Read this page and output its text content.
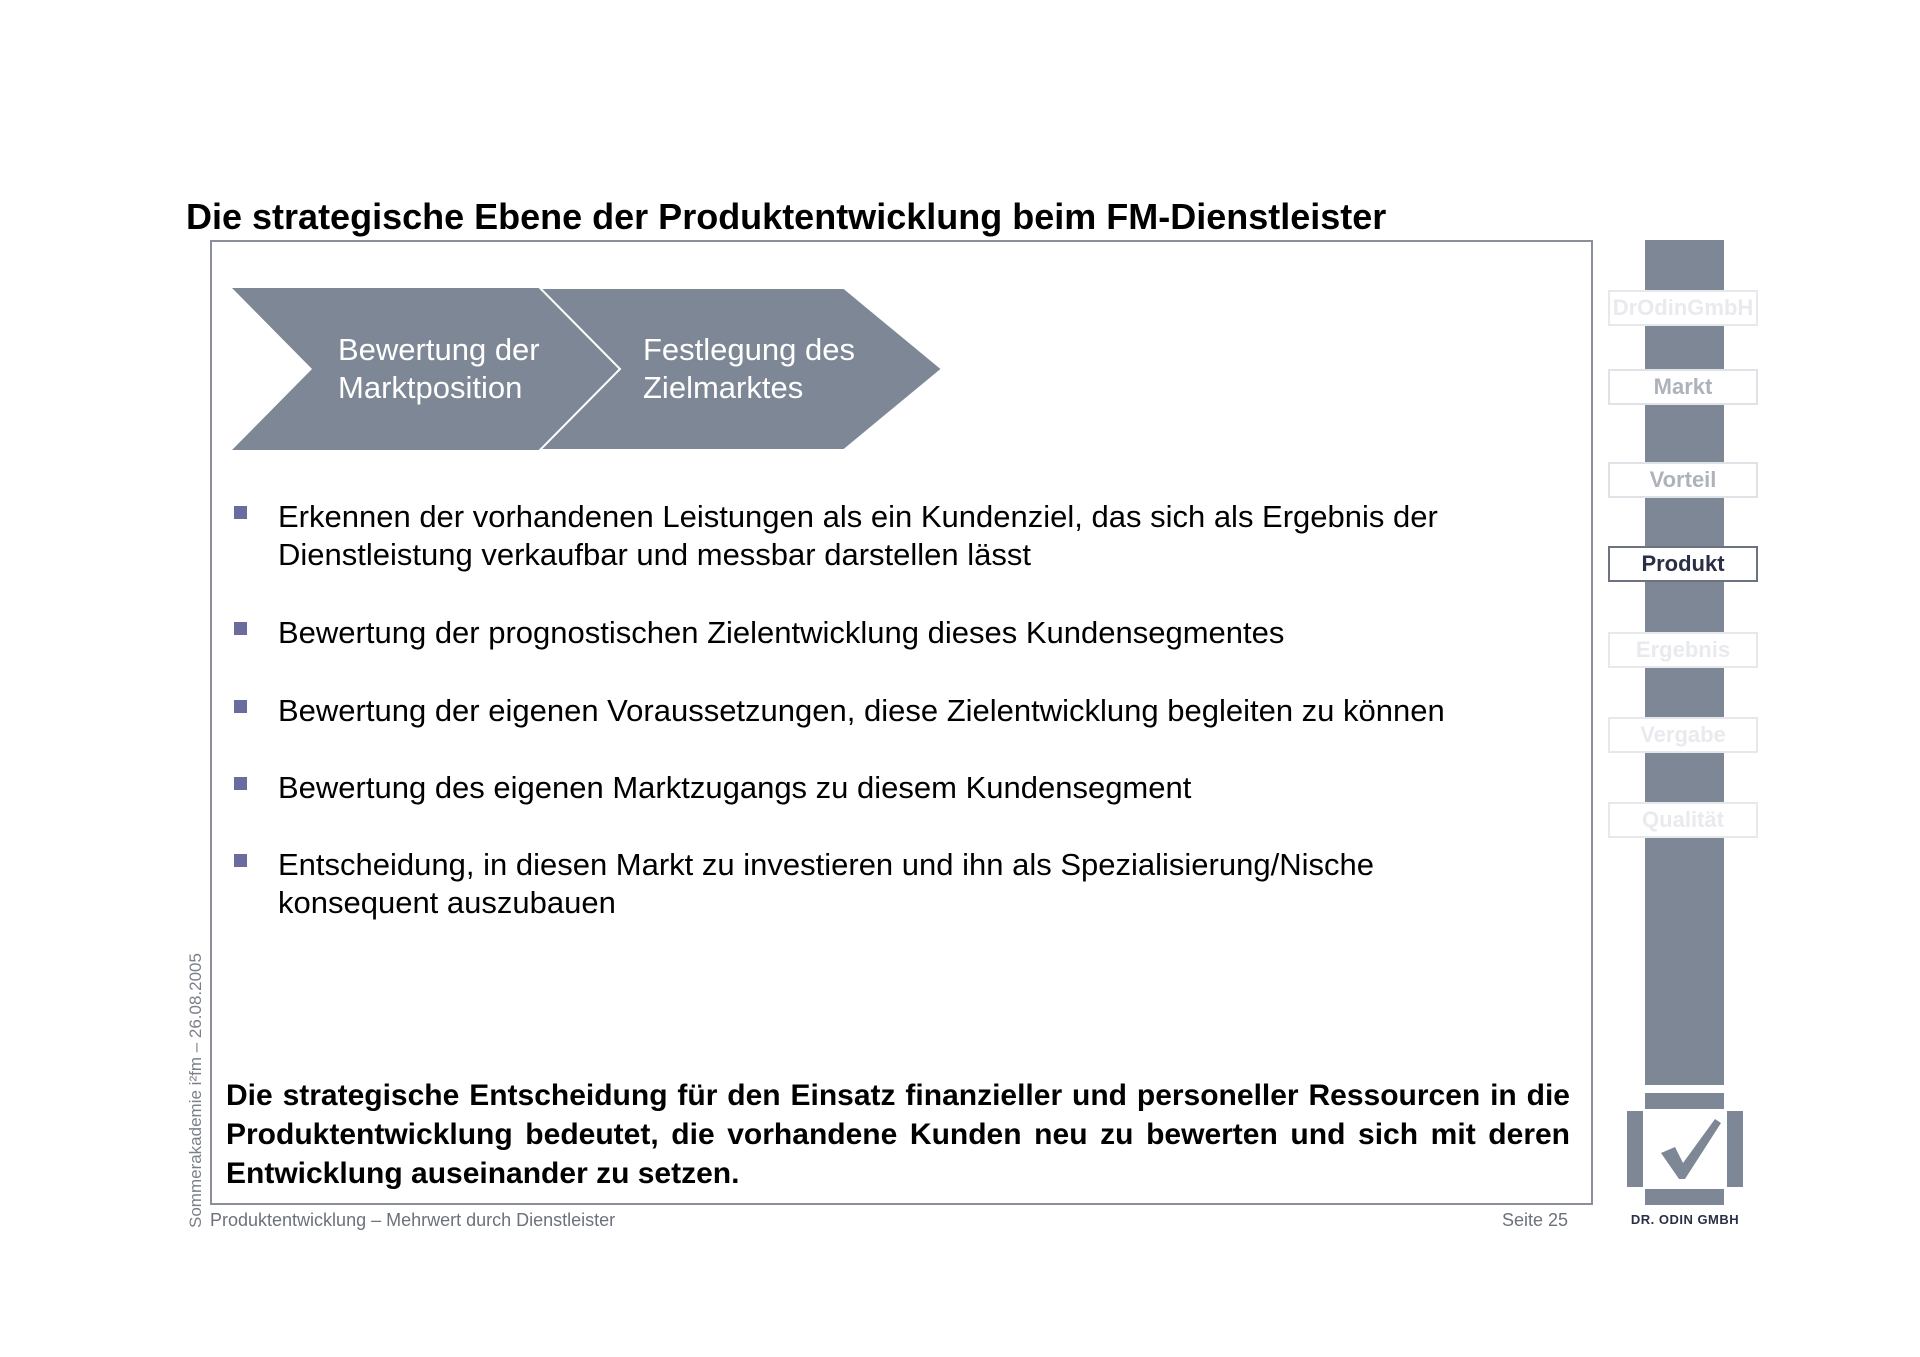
Die strategische Ebene der Produktentwicklung beim FM-Dienstleister
Bewertung der
Marktposition
Festlegung des
Zielmarktes
Erkennen der vorhandenen Leistungen als ein Kundenziel, das sich als Ergebnis der Dienstleistung verkaufbar und messbar darstellen lässt
Bewertung der prognostischen Zielentwicklung dieses Kundensegmentes
Bewertung der eigenen Voraussetzungen, diese Zielentwicklung begleiten zu können
Bewertung des eigenen Marktzugangs zu diesem Kundensegment
Entscheidung, in diesen Markt zu investieren und ihn als Spezialisierung/Nische konsequent auszubauen
Die strategische Entscheidung für den Einsatz finanzieller und personeller Ressourcen in die Produktentwicklung bedeutet, die vorhandene Kunden neu zu bewerten und sich mit deren Entwicklung auseinander zu setzen.
Sommerakademie i²fm – 26.08.2005 Produktentwicklung – Mehrwert durch Dienstleister	Seite 25
DrOdinGmbH
Markt
Vorteil
Produkt
Ergebnis
Vergabe
Qualität
DR. ODIN GMBH
